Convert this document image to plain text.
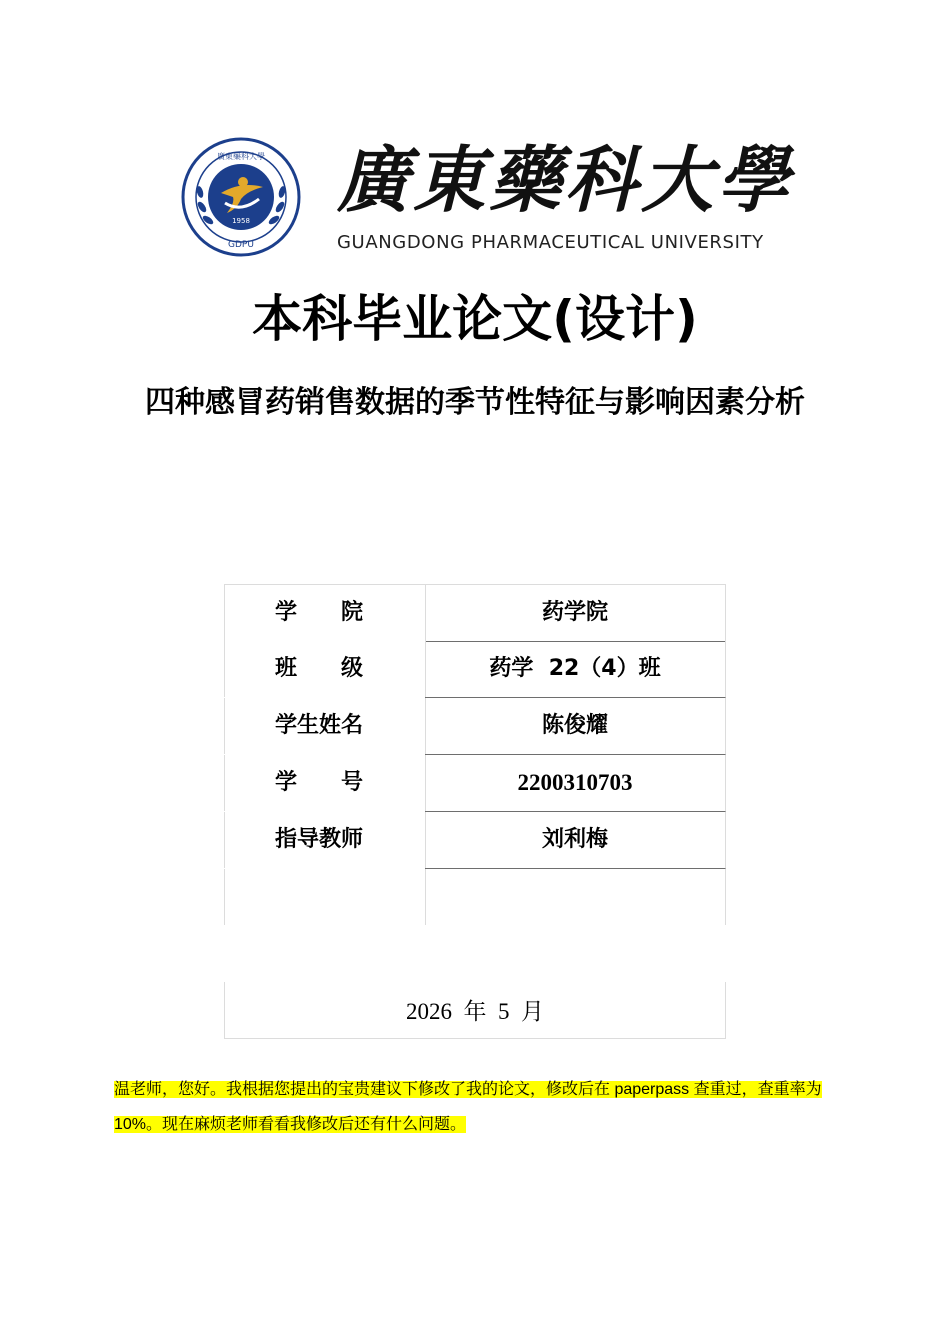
1958
GDPU
廣東藥科大學 廣東藥科大學
GUANGDONG PHARMACEUTICAL UNIVERSITY
本科毕业论文(设计)
四种感冒药销售数据的季节性特征与影响因素分析
学　　院	药学院
班　　级	药学  22（4）班
学生姓名	陈俊耀
学　　号	2200310703
指导教师	刘利梅
2026  年  5  月
温老师，您好。我根据您提出的宝贵建议下修改了我的论文，修改后在 paperpass 查重过，查重率为 10%。现在麻烦老师看看我修改后还有什么问题。
